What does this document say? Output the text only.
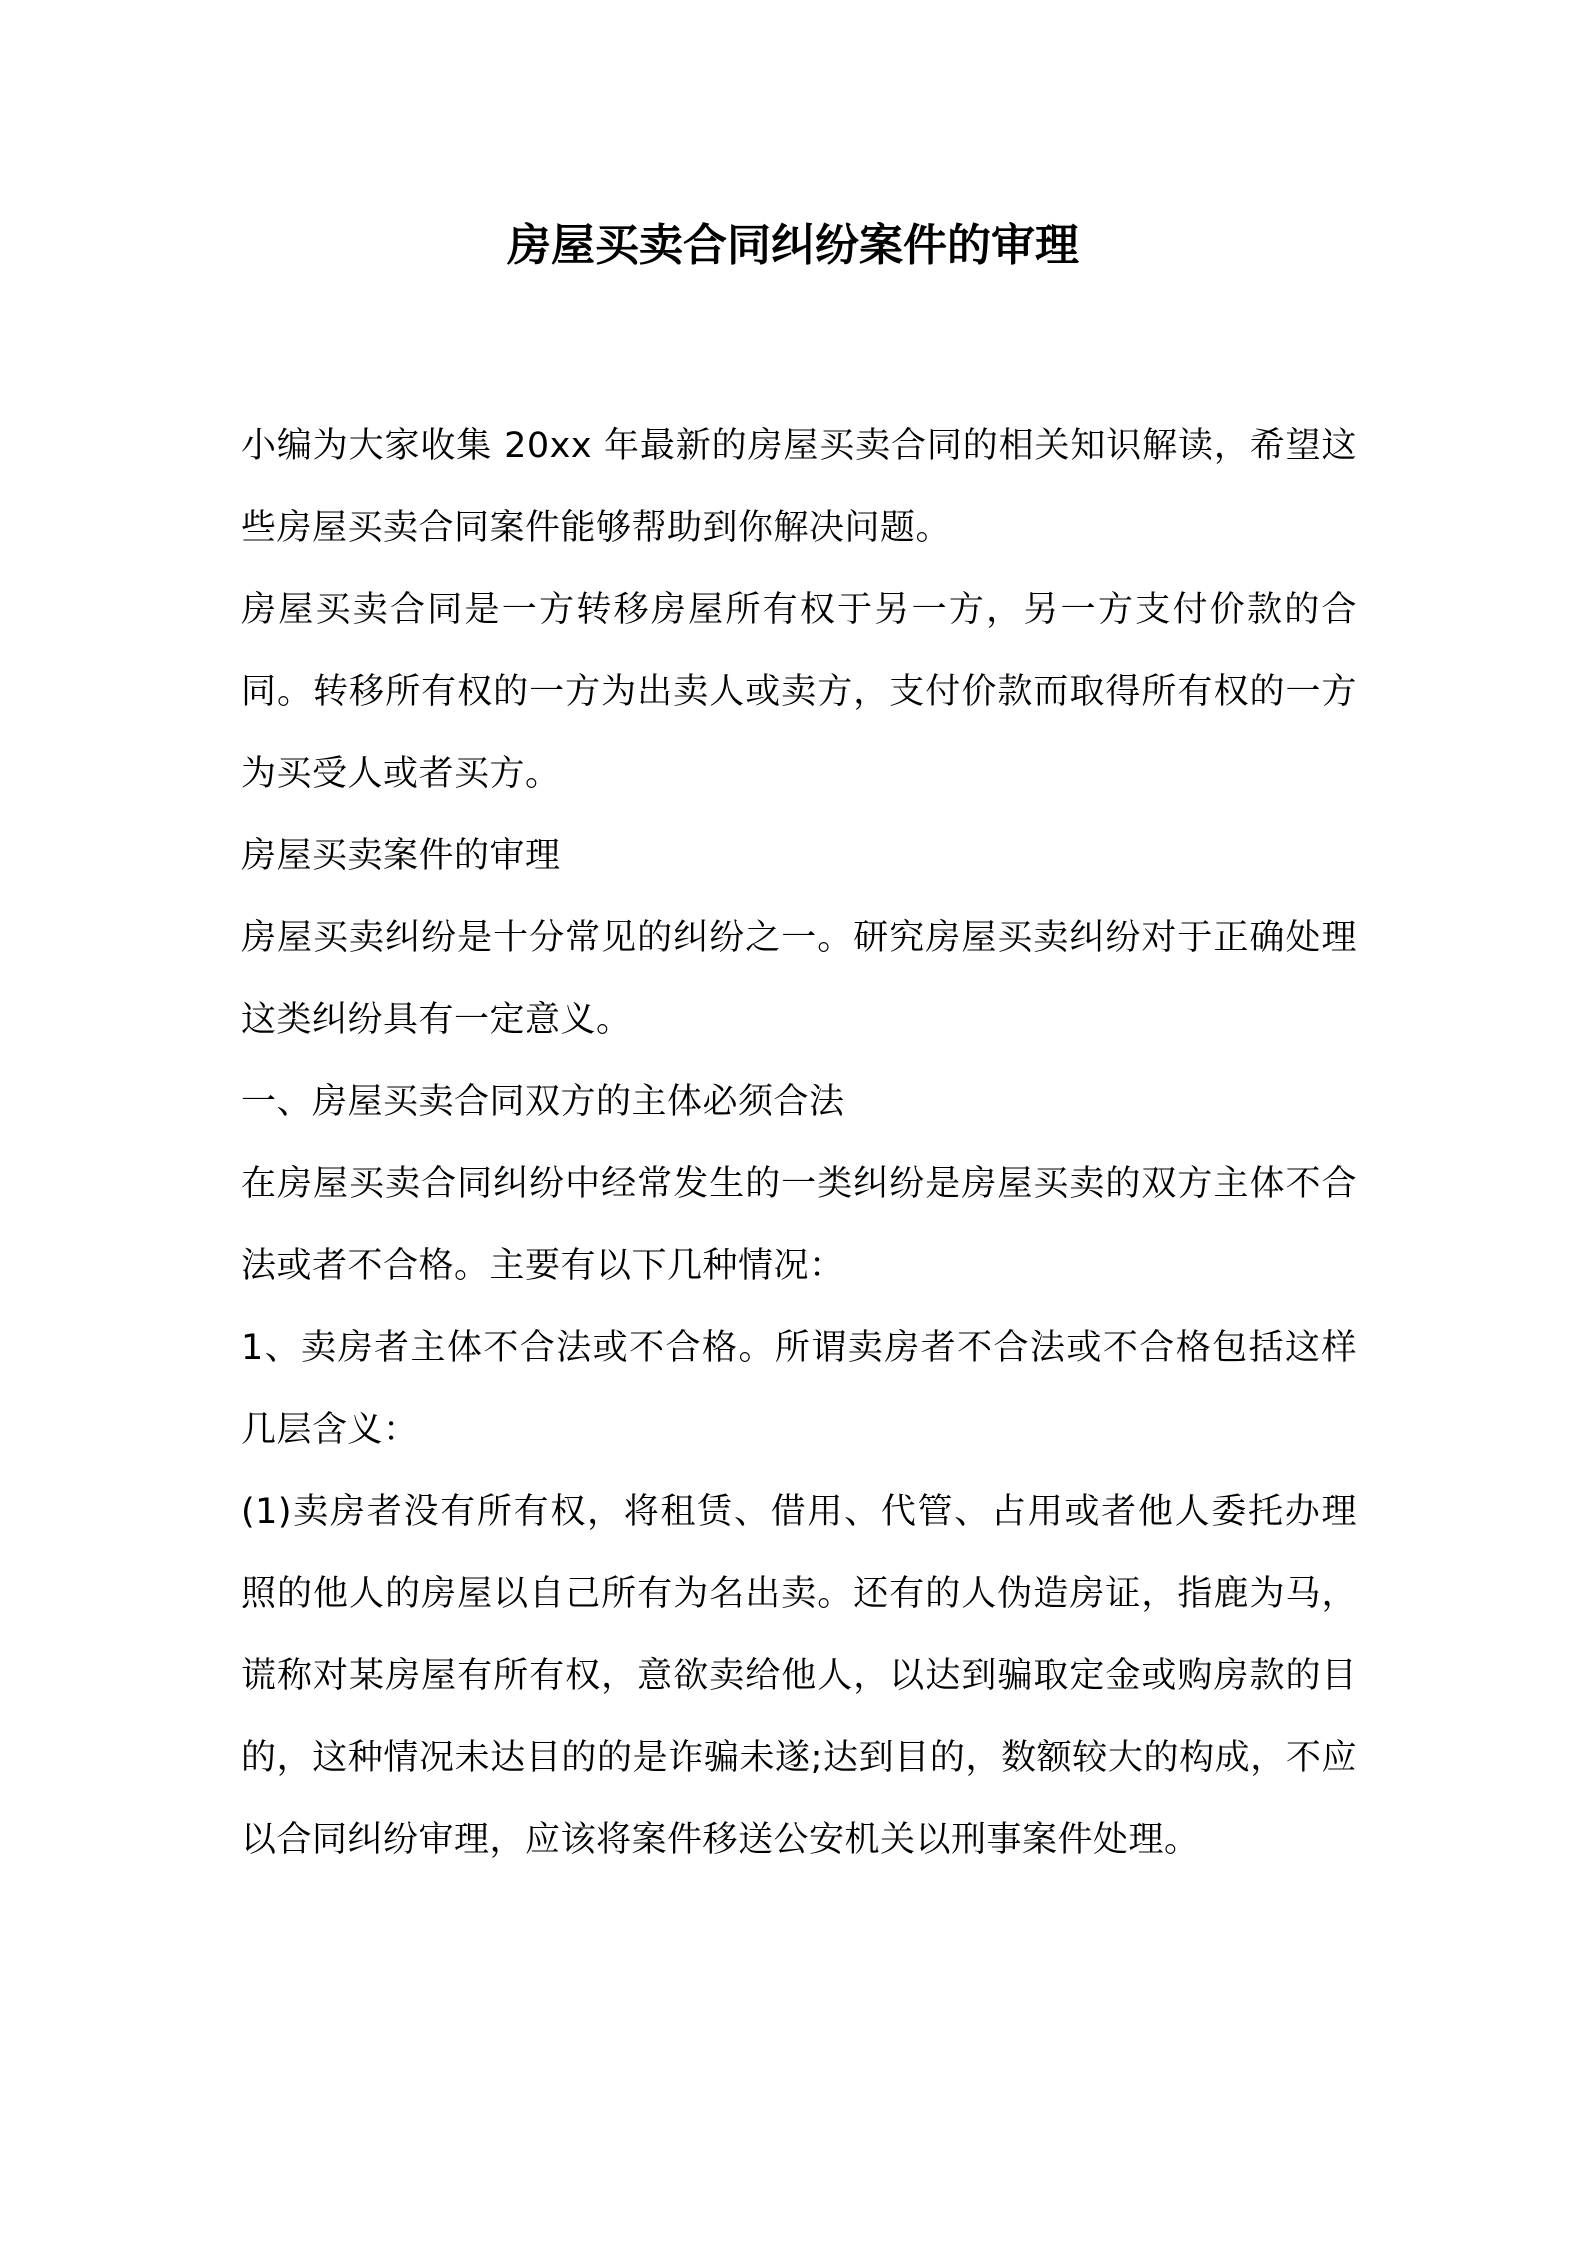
房屋买卖合同纠纷案件的审理

小编为大家收集 20xx 年最新的房屋买卖合同的相关知识解读，希望这些房屋买卖合同案件能够帮助到你解决问题。

房屋买卖合同是一方转移房屋所有权于另一方，另一方支付价款的合同。转移所有权的一方为出卖人或卖方，支付价款而取得所有权的一方为买受人或者买方。

房屋买卖案件的审理

房屋买卖纠纷是十分常见的纠纷之一。研究房屋买卖纠纷对于正确处理这类纠纷具有一定意义。

一、房屋买卖合同双方的主体必须合法

在房屋买卖合同纠纷中经常发生的一类纠纷是房屋买卖的双方主体不合法或者不合格。主要有以下几种情况：

1、卖房者主体不合法或不合格。所谓卖房者不合法或不合格包括这样几层含义：

(1)卖房者没有所有权，将租赁、借用、代管、占用或者他人委托办理照的他人的房屋以自己所有为名出卖。还有的人伪造房证，指鹿为马，谎称对某房屋有所有权，意欲卖给他人，以达到骗取定金或购房款的目的，这种情况未达目的的是诈骗未遂;达到目的，数额较大的构成，不应以合同纠纷审理，应该将案件移送公安机关以刑事案件处理。
